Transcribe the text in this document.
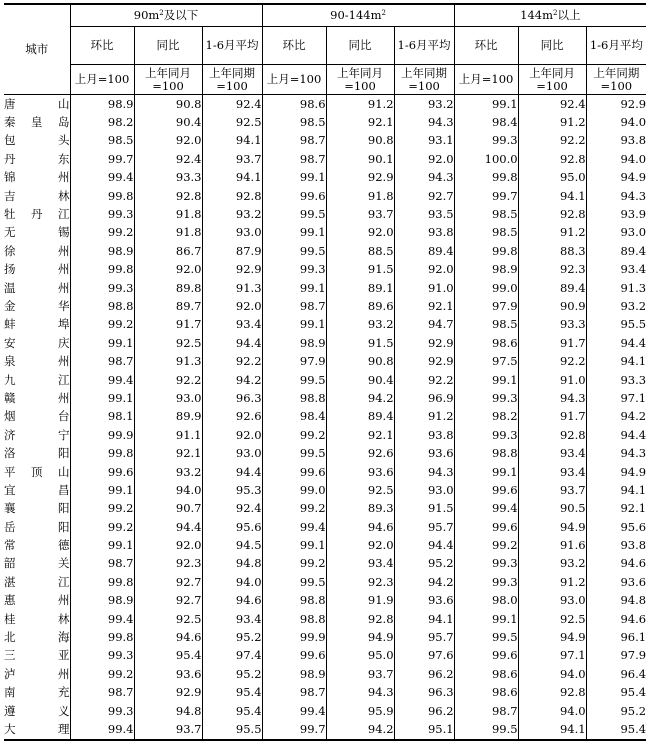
城市	$90m^2$及以下			$90-144m^2$			$144m^2$以上		
	环比	同比	1-6月平均	环比	同比	1-6月平均	环比	同比	1-6月平均
	上月=100	上年同月=100	上年同期=100	上月=100	上年同月=100	上年同期=100	上月=100	上年同月=100	上年同期=100
唐山	98.9	90.8	92.4	98.6	91.2	93.2	99.1	92.4	92.9
秦皇岛	98.2	90.4	92.5	98.5	92.1	94.3	98.4	91.2	94.0
包头	98.5	92.0	94.1	98.7	90.8	93.1	99.3	92.2	93.8
丹东	99.7	92.4	93.7	98.7	90.1	92.0	100.0	92.8	94.0
锦州	99.4	93.3	94.1	99.1	92.9	94.3	99.8	95.0	94.9
吉林	99.8	92.8	92.8	99.6	91.8	92.7	99.7	94.1	94.3
牡丹江	99.3	91.8	93.2	99.5	93.7	93.5	98.5	92.8	93.9
无锡	99.2	91.8	93.0	99.1	92.0	93.8	98.5	91.2	93.0
徐州	98.9	86.7	87.9	99.5	88.5	89.4	99.8	88.3	89.4
扬州	99.8	92.0	92.9	99.3	91.5	92.0	98.9	92.3	93.4
温州	99.3	89.8	91.3	99.1	89.1	91.0	99.0	89.4	91.3
金华	98.8	89.7	92.0	98.7	89.6	92.1	97.9	90.9	93.2
蚌埠	99.2	91.7	93.4	99.1	93.2	94.7	98.5	93.3	95.5
安庆	99.1	92.5	94.4	98.9	91.5	92.9	98.6	91.7	94.4
泉州	98.7	91.3	92.2	97.9	90.8	92.9	97.5	92.2	94.1
九江	99.4	92.2	94.2	99.5	90.4	92.2	99.1	91.0	93.3
赣州	99.1	93.0	96.3	98.8	94.2	96.9	99.3	94.3	97.1
烟台	98.1	89.9	92.6	98.4	89.4	91.2	98.2	91.7	94.2
济宁	99.9	91.1	92.0	99.2	92.1	93.8	99.3	92.8	94.4
洛阳	99.8	92.1	93.0	99.5	92.6	93.6	98.8	93.4	94.3
平顶山	99.6	93.2	94.4	99.6	93.6	94.3	99.1	93.4	94.9
宜昌	99.1	94.0	95.3	99.0	92.5	93.0	99.6	93.7	94.1
襄阳	99.2	90.7	92.4	99.2	89.3	91.5	99.4	90.5	92.1
岳阳	99.2	94.4	95.6	99.4	94.6	95.7	99.6	94.9	95.6
常德	99.1	92.0	94.5	99.1	92.0	94.4	99.2	91.6	93.8
韶关	98.7	92.3	94.8	99.2	93.4	95.2	99.3	93.2	94.6
湛江	99.8	92.7	94.0	99.5	92.3	94.2	99.3	91.2	93.6
惠州	98.9	92.7	94.6	98.8	91.9	93.6	98.0	93.0	94.8
桂林	99.4	92.5	93.4	98.8	92.8	94.1	99.1	92.5	94.6
北海	99.8	94.6	95.2	99.9	94.9	95.7	99.5	94.9	96.1
三亚	99.3	95.4	97.4	99.6	95.0	97.6	99.6	97.1	97.9
泸州	99.2	93.6	95.2	98.9	93.7	96.2	98.6	94.0	96.4
南充	98.7	92.9	95.4	98.7	94.3	96.3	98.6	92.8	95.4
遵义	99.3	94.8	95.4	99.4	95.9	96.2	98.7	94.0	95.2
大理	99.4	93.7	95.5	99.7	94.2	95.1	99.5	94.1	95.4
